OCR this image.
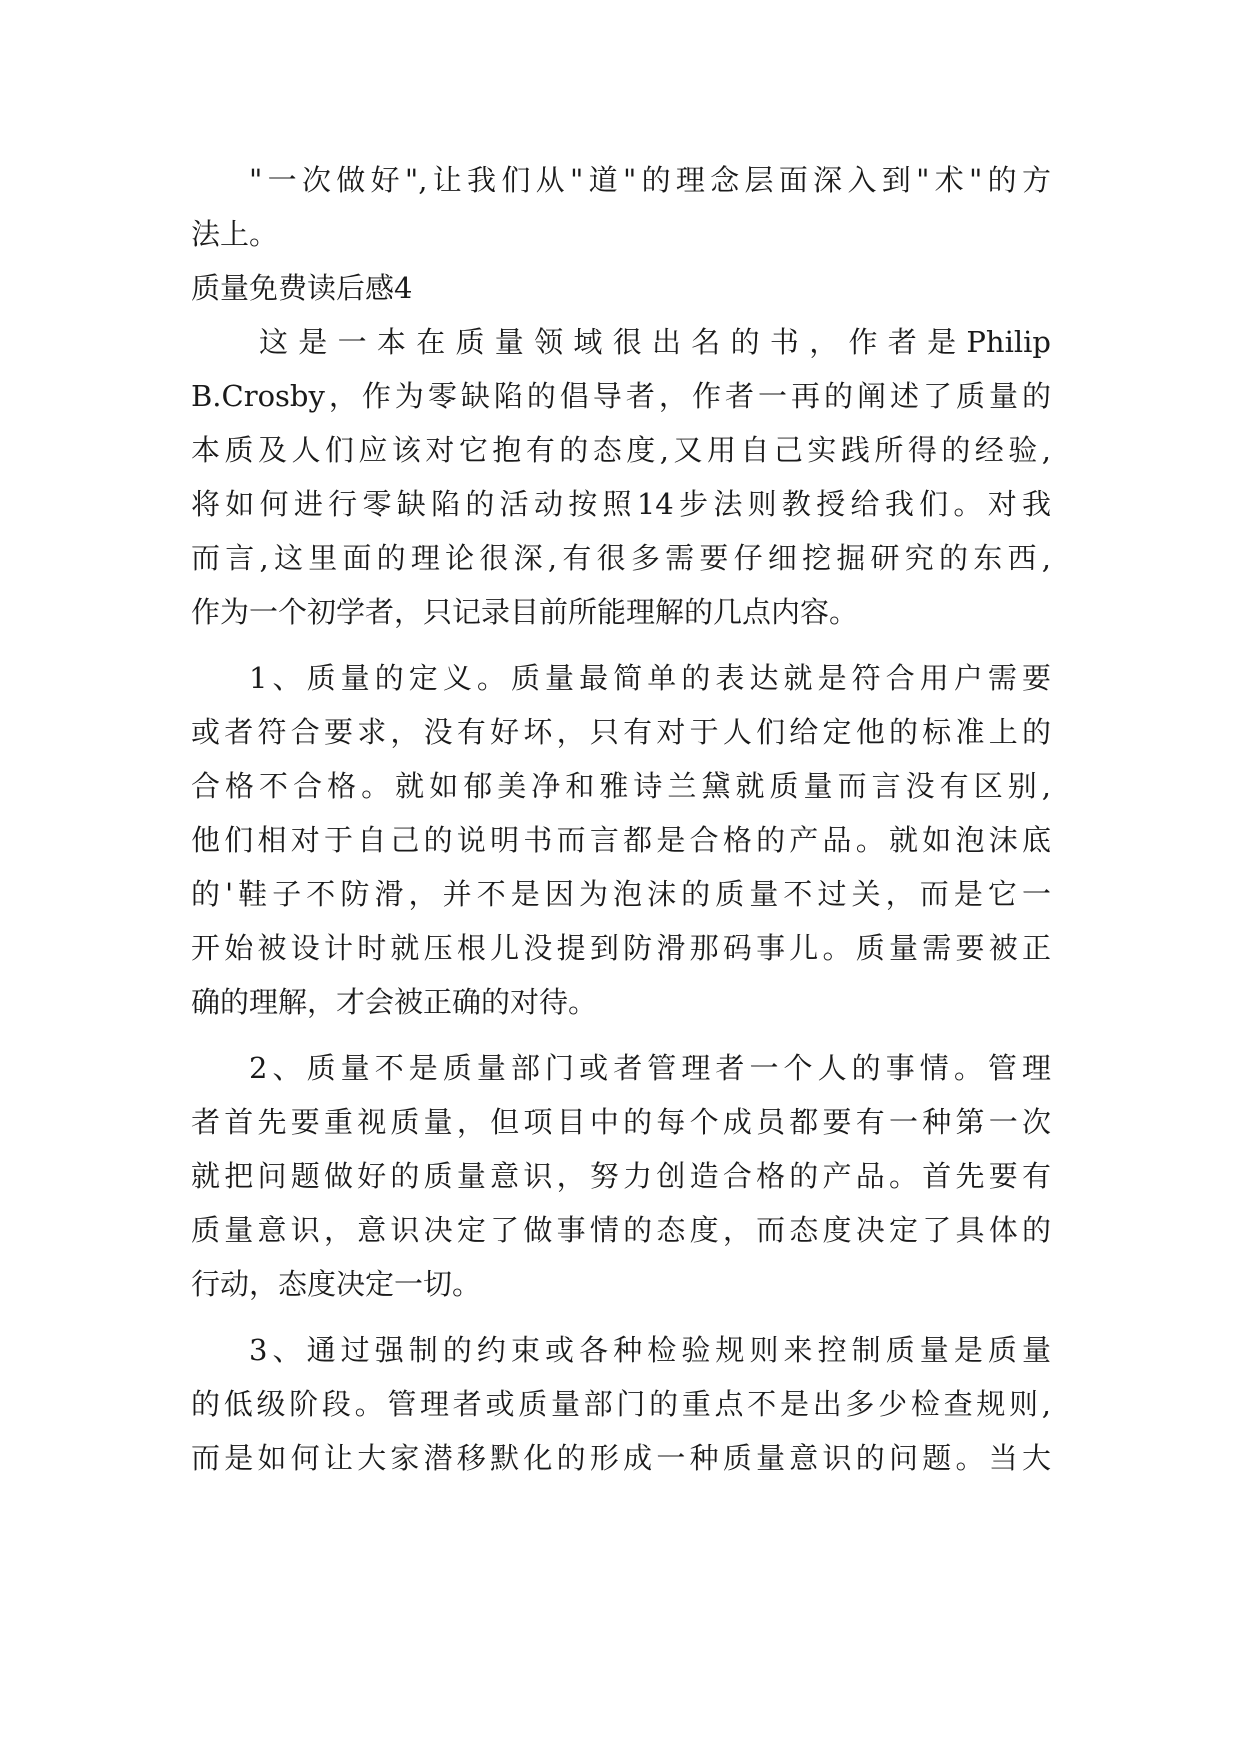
"一次做好",让我们从"道"的理念层面深入到"术"的方
法上。
质量免费读后感4
这是一本在质量领域很出名的书，作者是Philip
B.Crosby，作为零缺陷的倡导者，作者一再的阐述了质量的
本质及人们应该对它抱有的态度,又用自己实践所得的经验,
将如何进行零缺陷的活动按照14步法则教授给我们。对我
而言,这里面的理论很深,有很多需要仔细挖掘研究的东西,
作为一个初学者，只记录目前所能理解的几点内容。
1、质量的定义。质量最简单的表达就是符合用户需要
或者符合要求，没有好坏，只有对于人们给定他的标准上的
合格不合格。就如郁美净和雅诗兰黛就质量而言没有区别,
他们相对于自己的说明书而言都是合格的产品。就如泡沫底
的'鞋子不防滑，并不是因为泡沫的质量不过关，而是它一
开始被设计时就压根儿没提到防滑那码事儿。质量需要被正
确的理解，才会被正确的对待。
2、质量不是质量部门或者管理者一个人的事情。管理
者首先要重视质量，但项目中的每个成员都要有一种第一次
就把问题做好的质量意识，努力创造合格的产品。首先要有
质量意识，意识决定了做事情的态度，而态度决定了具体的
行动，态度决定一切。
3、通过强制的约束或各种检验规则来控制质量是质量
的低级阶段。管理者或质量部门的重点不是出多少检查规则,
而是如何让大家潜移默化的形成一种质量意识的问题。当大
